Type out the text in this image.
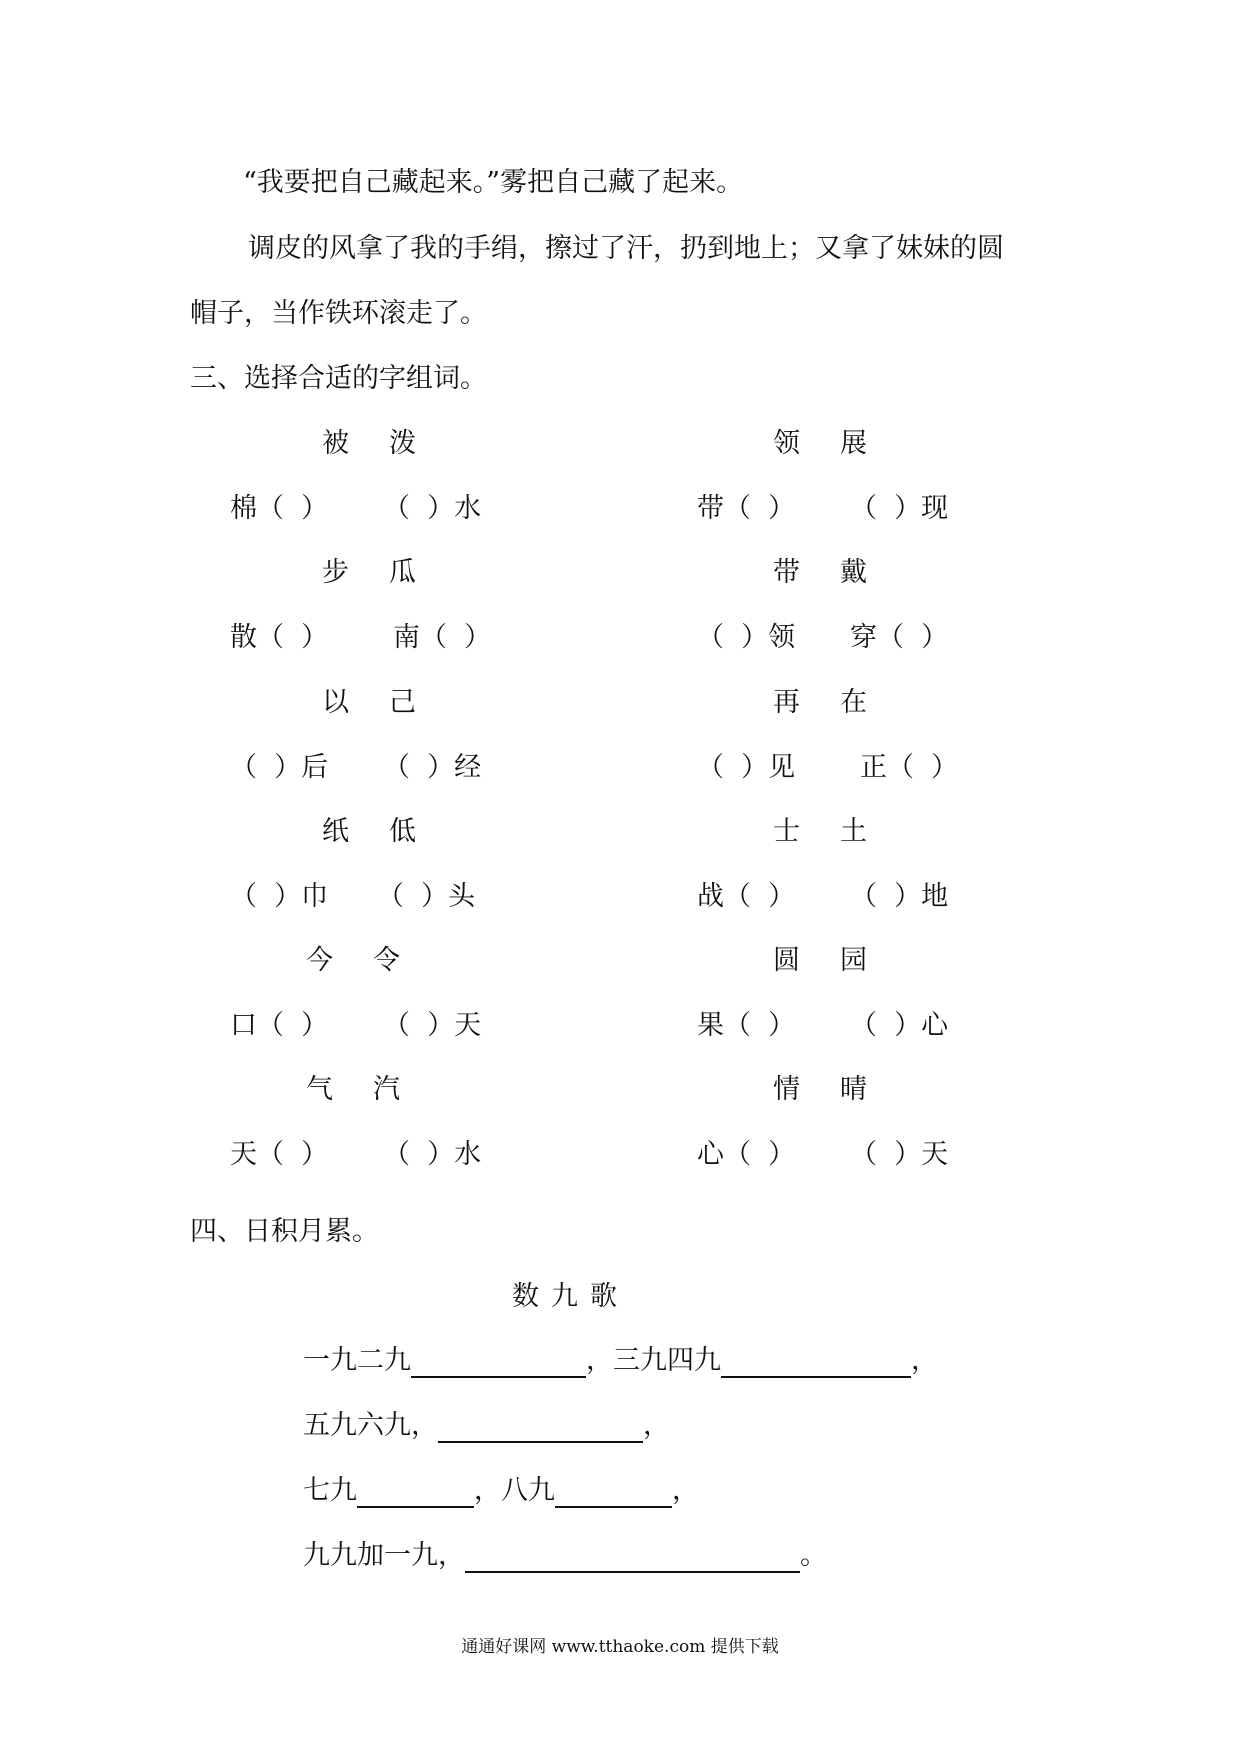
“我要把自己藏起来。”雾把自己藏了起来。
调皮的风拿了我的手绢，擦过了汗，扔到地上；又拿了妹妹的圆
帽子，当作铁环滚走了。
三、选择合适的字组词。
被泼
棉（  ） （  ）水
步瓜
散（  ） 南（  ）
以己
（  ）后 （  ）经
纸低
（  ）巾 （  ）头
今令
口（  ） （  ）天
气汽
天（  ） （  ）水
领展
带（  ） （  ）现
带戴
（  ）领 穿（  ）
再在
（  ）见 正（  ）
士土
战（  ） （  ）地
圆园
果（  ） （  ）心
情晴
心（  ） （  ）天
四、日积月累。
数九歌
一九二九	，三九四九	，
五九六九，	，
七九	，八九	，
九九加一九，	。
通通好课网 www.tthaoke.com 提供下载
